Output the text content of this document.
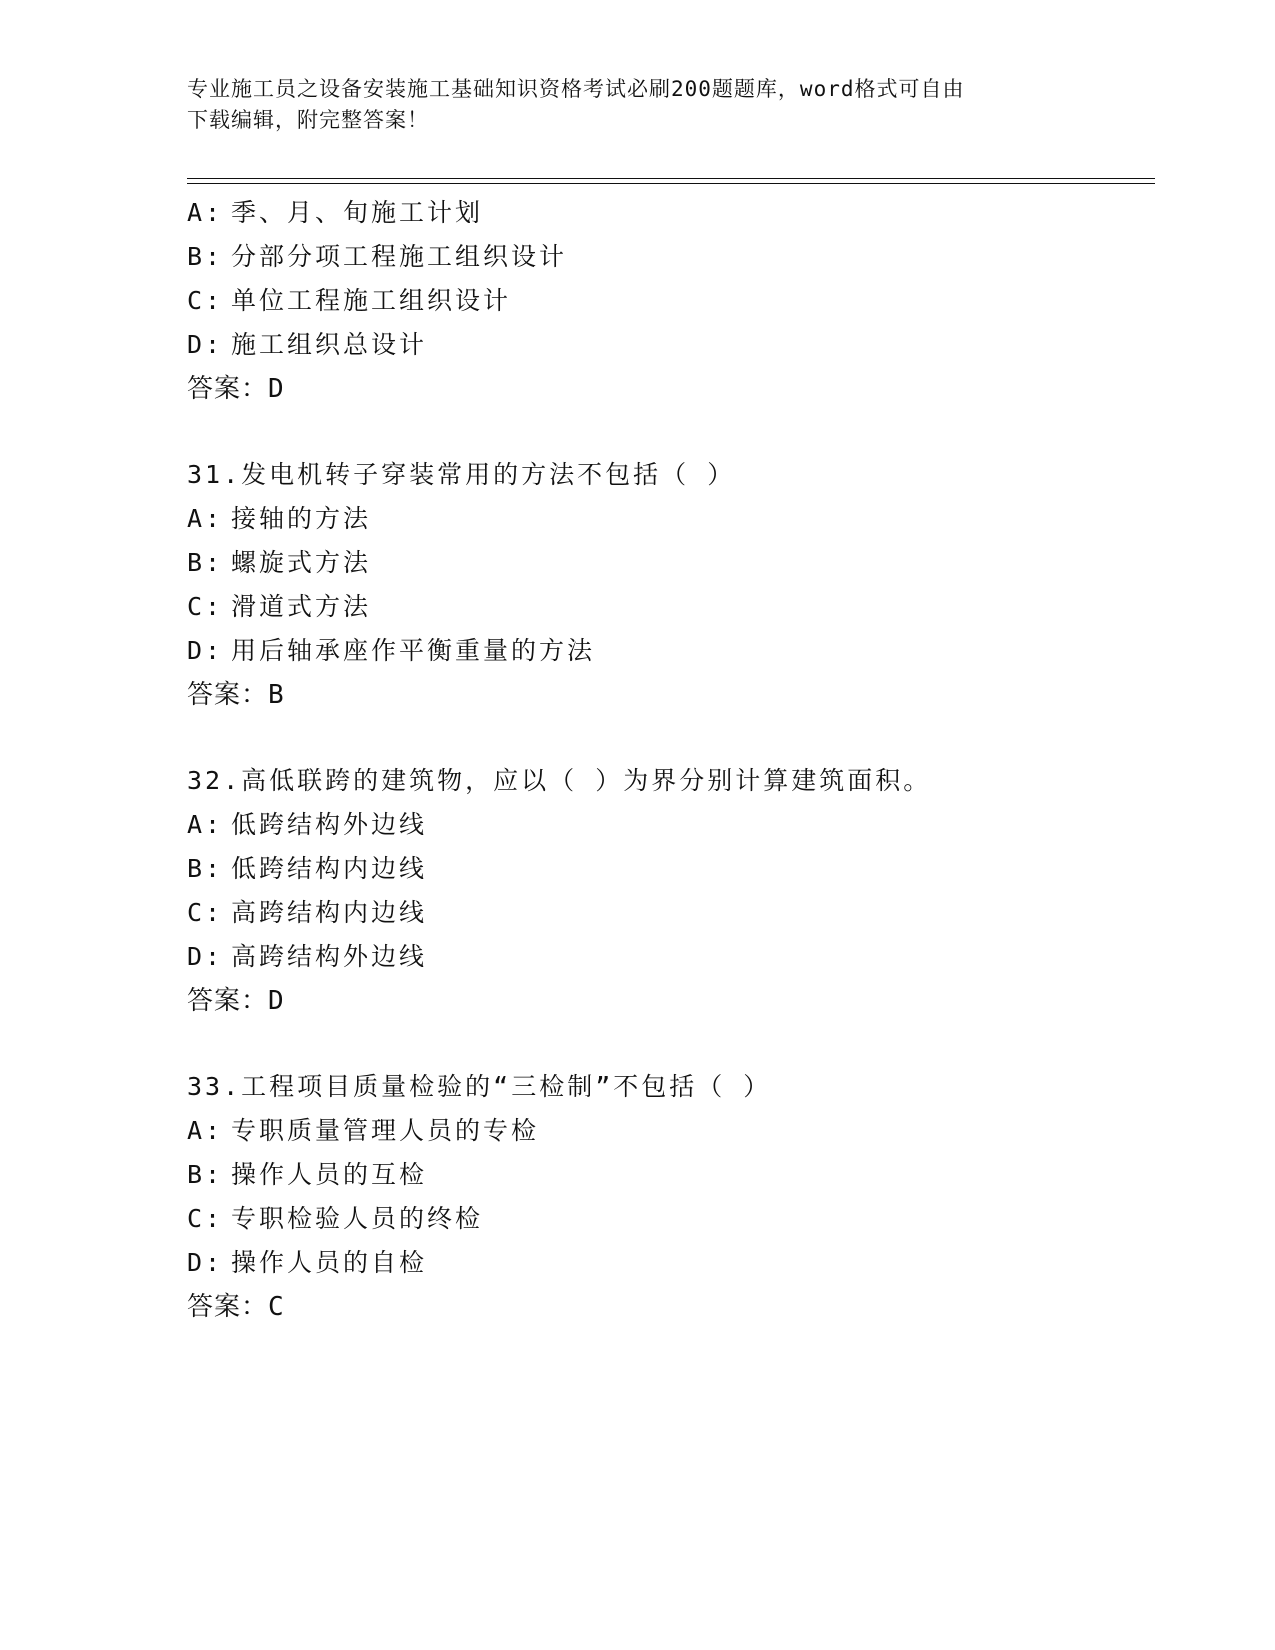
专业施工员之设备安装施工基础知识资格考试必刷200题题库，word格式可自由
下载编辑，附完整答案！
A: 季、月、旬施工计划
B: 分部分项工程施工组织设计
C: 单位工程施工组织设计
D: 施工组织总设计
答案：D
31.发电机转子穿装常用的方法不包括（ ）
A: 接轴的方法
B: 螺旋式方法
C: 滑道式方法
D: 用后轴承座作平衡重量的方法
答案：B
32.高低联跨的建筑物，应以（ ）为界分别计算建筑面积。
A: 低跨结构外边线
B: 低跨结构内边线
C: 高跨结构内边线
D: 高跨结构外边线
答案：D
33.工程项目质量检验的“三检制”不包括（ ）
A: 专职质量管理人员的专检
B: 操作人员的互检
C: 专职检验人员的终检
D: 操作人员的自检
答案：C
